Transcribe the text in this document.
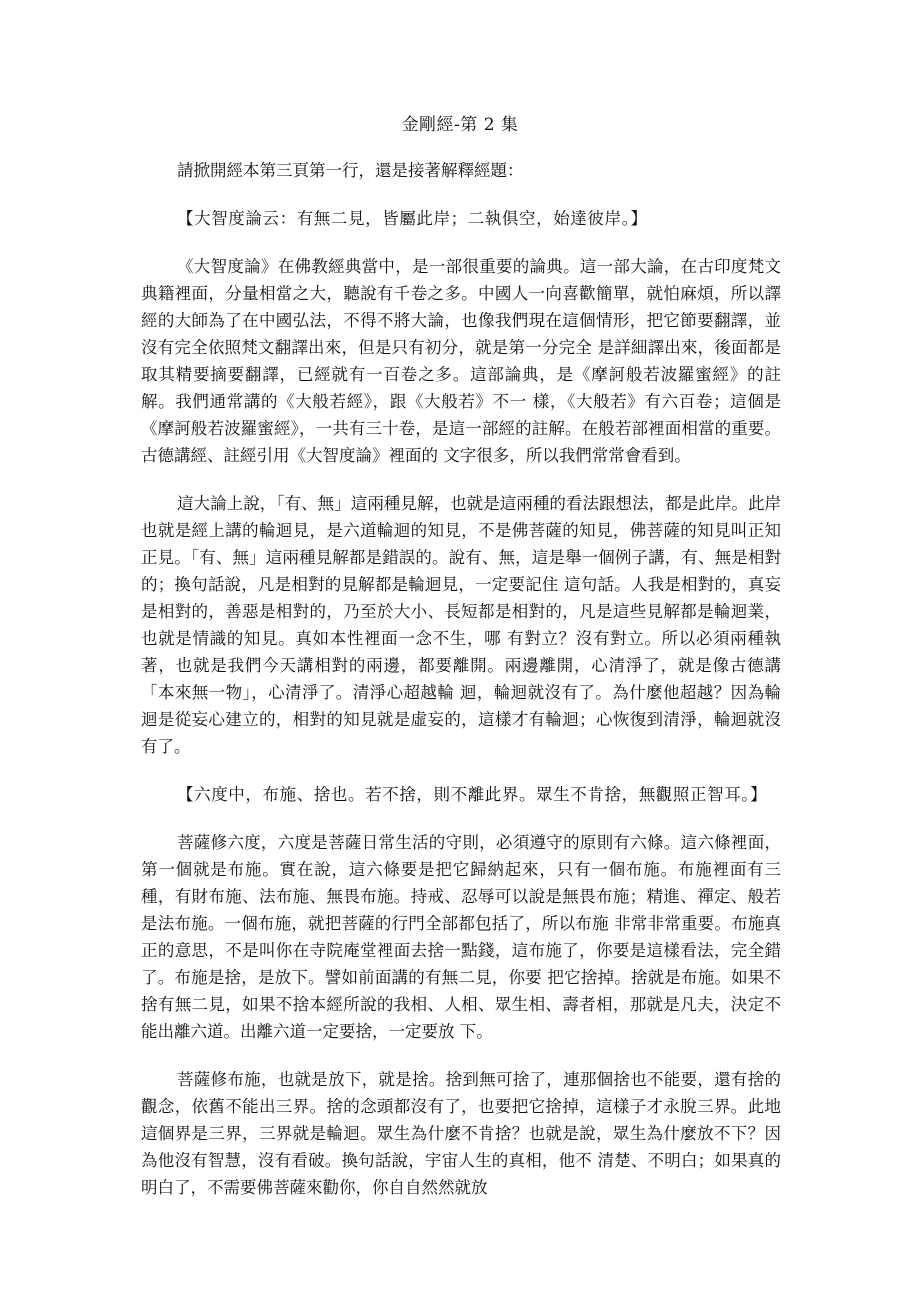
金剛經-第 2 集

請掀開經本第三頁第一行，還是接著解釋經題：

【大智度論云：有無二見，皆屬此岸；二執俱空，始達彼岸。】

《大智度論》在佛教經典當中，是一部很重要的論典。這一部大論，在古印度梵文典籍裡面，分量相當之大，聽說有千卷之多。中國人一向喜歡簡單，就怕麻煩，所以譯經的大師為了在中國弘法，不得不將大論，也像我們現在這個情形，把它節要翻譯，並沒有完全依照梵文翻譯出來，但是只有初分，就是第一分完全 是詳細譯出來，後面都是取其精要摘要翻譯，已經就有一百卷之多。這部論典，是《摩訶般若波羅蜜經》的註解。我們通常講的《大般若經》，跟《大般若》不一 樣，《大般若》有六百卷；這個是《摩訶般若波羅蜜經》，一共有三十卷，是這一部經的註解。在般若部裡面相當的重要。古德講經、註經引用《大智度論》裡面的 文字很多，所以我們常常會看到。

這大論上說，「有、無」這兩種見解，也就是這兩種的看法跟想法，都是此岸。此岸也就是經上講的輪迴見，是六道輪迴的知見，不是佛菩薩的知見，佛菩薩的知見叫正知正見。「有、無」這兩種見解都是錯誤的。說有、無，這是舉一個例子講，有、無是相對的；換句話說，凡是相對的見解都是輪迴見，一定要記住 這句話。人我是相對的，真妄是相對的，善惡是相對的，乃至於大小、長短都是相對的，凡是這些見解都是輪迴業，也就是情識的知見。真如本性裡面一念不生，哪 有對立？沒有對立。所以必須兩種執著，也就是我們今天講相對的兩邊，都要離開。兩邊離開，心清淨了，就是像古德講「本來無一物」，心清淨了。清淨心超越輪 迴，輪迴就沒有了。為什麼他超越？因為輪迴是從妄心建立的，相對的知見就是虛妄的，這樣才有輪迴；心恢復到清淨，輪迴就沒有了。

【六度中，布施、捨也。若不捨，則不離此界。眾生不肯捨，無觀照正智耳。】

菩薩修六度，六度是菩薩日常生活的守則，必須遵守的原則有六條。這六條裡面，第一個就是布施。實在說，這六條要是把它歸納起來，只有一個布施。布施裡面有三種，有財布施、法布施、無畏布施。持戒、忍辱可以說是無畏布施；精進、禪定、般若是法布施。一個布施，就把菩薩的行門全部都包括了，所以布施 非常非常重要。布施真正的意思，不是叫你在寺院庵堂裡面去捨一點錢，這布施了，你要是這樣看法，完全錯了。布施是捨，是放下。譬如前面講的有無二見，你要 把它捨掉。捨就是布施。如果不捨有無二見，如果不捨本經所說的我相、人相、眾生相、壽者相，那就是凡夫，決定不能出離六道。出離六道一定要捨，一定要放 下。

菩薩修布施，也就是放下，就是捨。捨到無可捨了，連那個捨也不能要，還有捨的觀念，依舊不能出三界。捨的念頭都沒有了，也要把它捨掉，這樣子才永脫三界。此地這個界是三界，三界就是輪迴。眾生為什麼不肯捨？也就是說，眾生為什麼放不下？因為他沒有智慧，沒有看破。換句話說，宇宙人生的真相，他不 清楚、不明白；如果真的明白了，不需要佛菩薩來勸你，你自自然然就放
